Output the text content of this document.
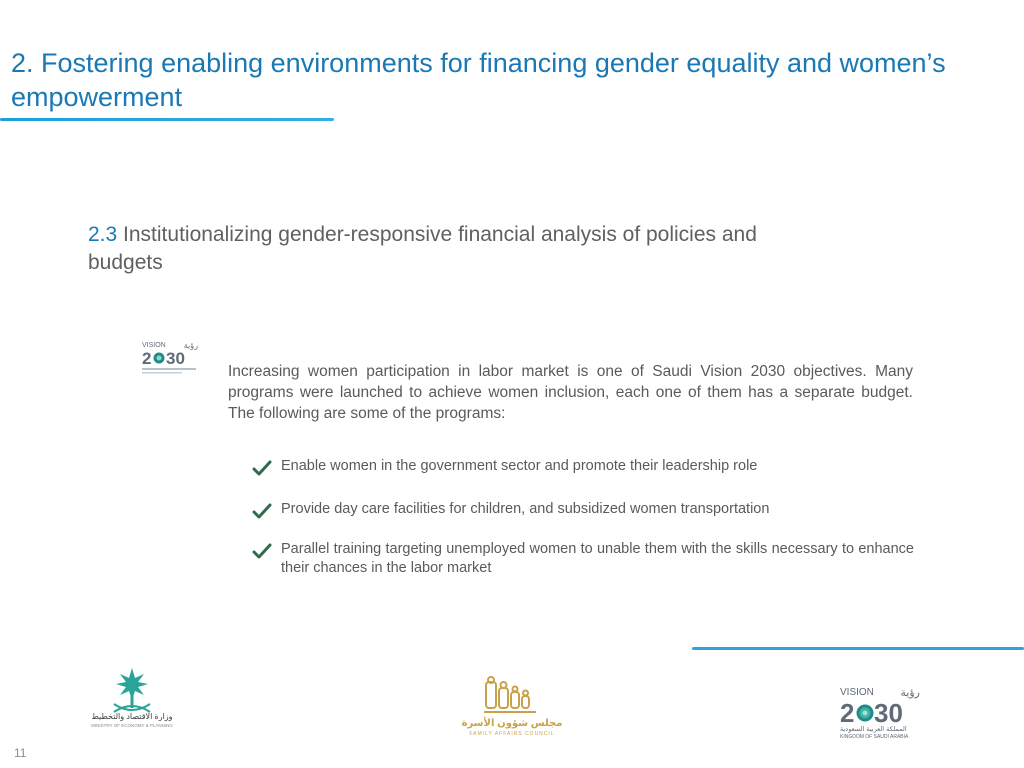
2. Fostering enabling environments for financing gender equality and women’s empowerment
2.3 Institutionalizing gender-responsive financial analysis of policies and budgets
VISION رؤية
2 30

Increasing women participation in labor market is one of Saudi Vision 2030 objectives. Many programs were launched to achieve women inclusion, each one of them has a separate budget. The following are some of the programs:

Enable women in the government sector and promote their leadership role
Provide day care facilities for children, and subsidized women transportation
Parallel training targeting unemployed women to unable them with the skills necessary to enhance their chances in the labor market
وزارة الاقتصاد والتخطيط
MINISTRY OF ECONOMY & PLANNING	مجلس شؤون الأسرة
FAMILY AFFAIRS COUNCIL
VISION رؤية
2 30
المملكة العربية السعودية
KINGDOM OF SAUDI ARABIA
11
